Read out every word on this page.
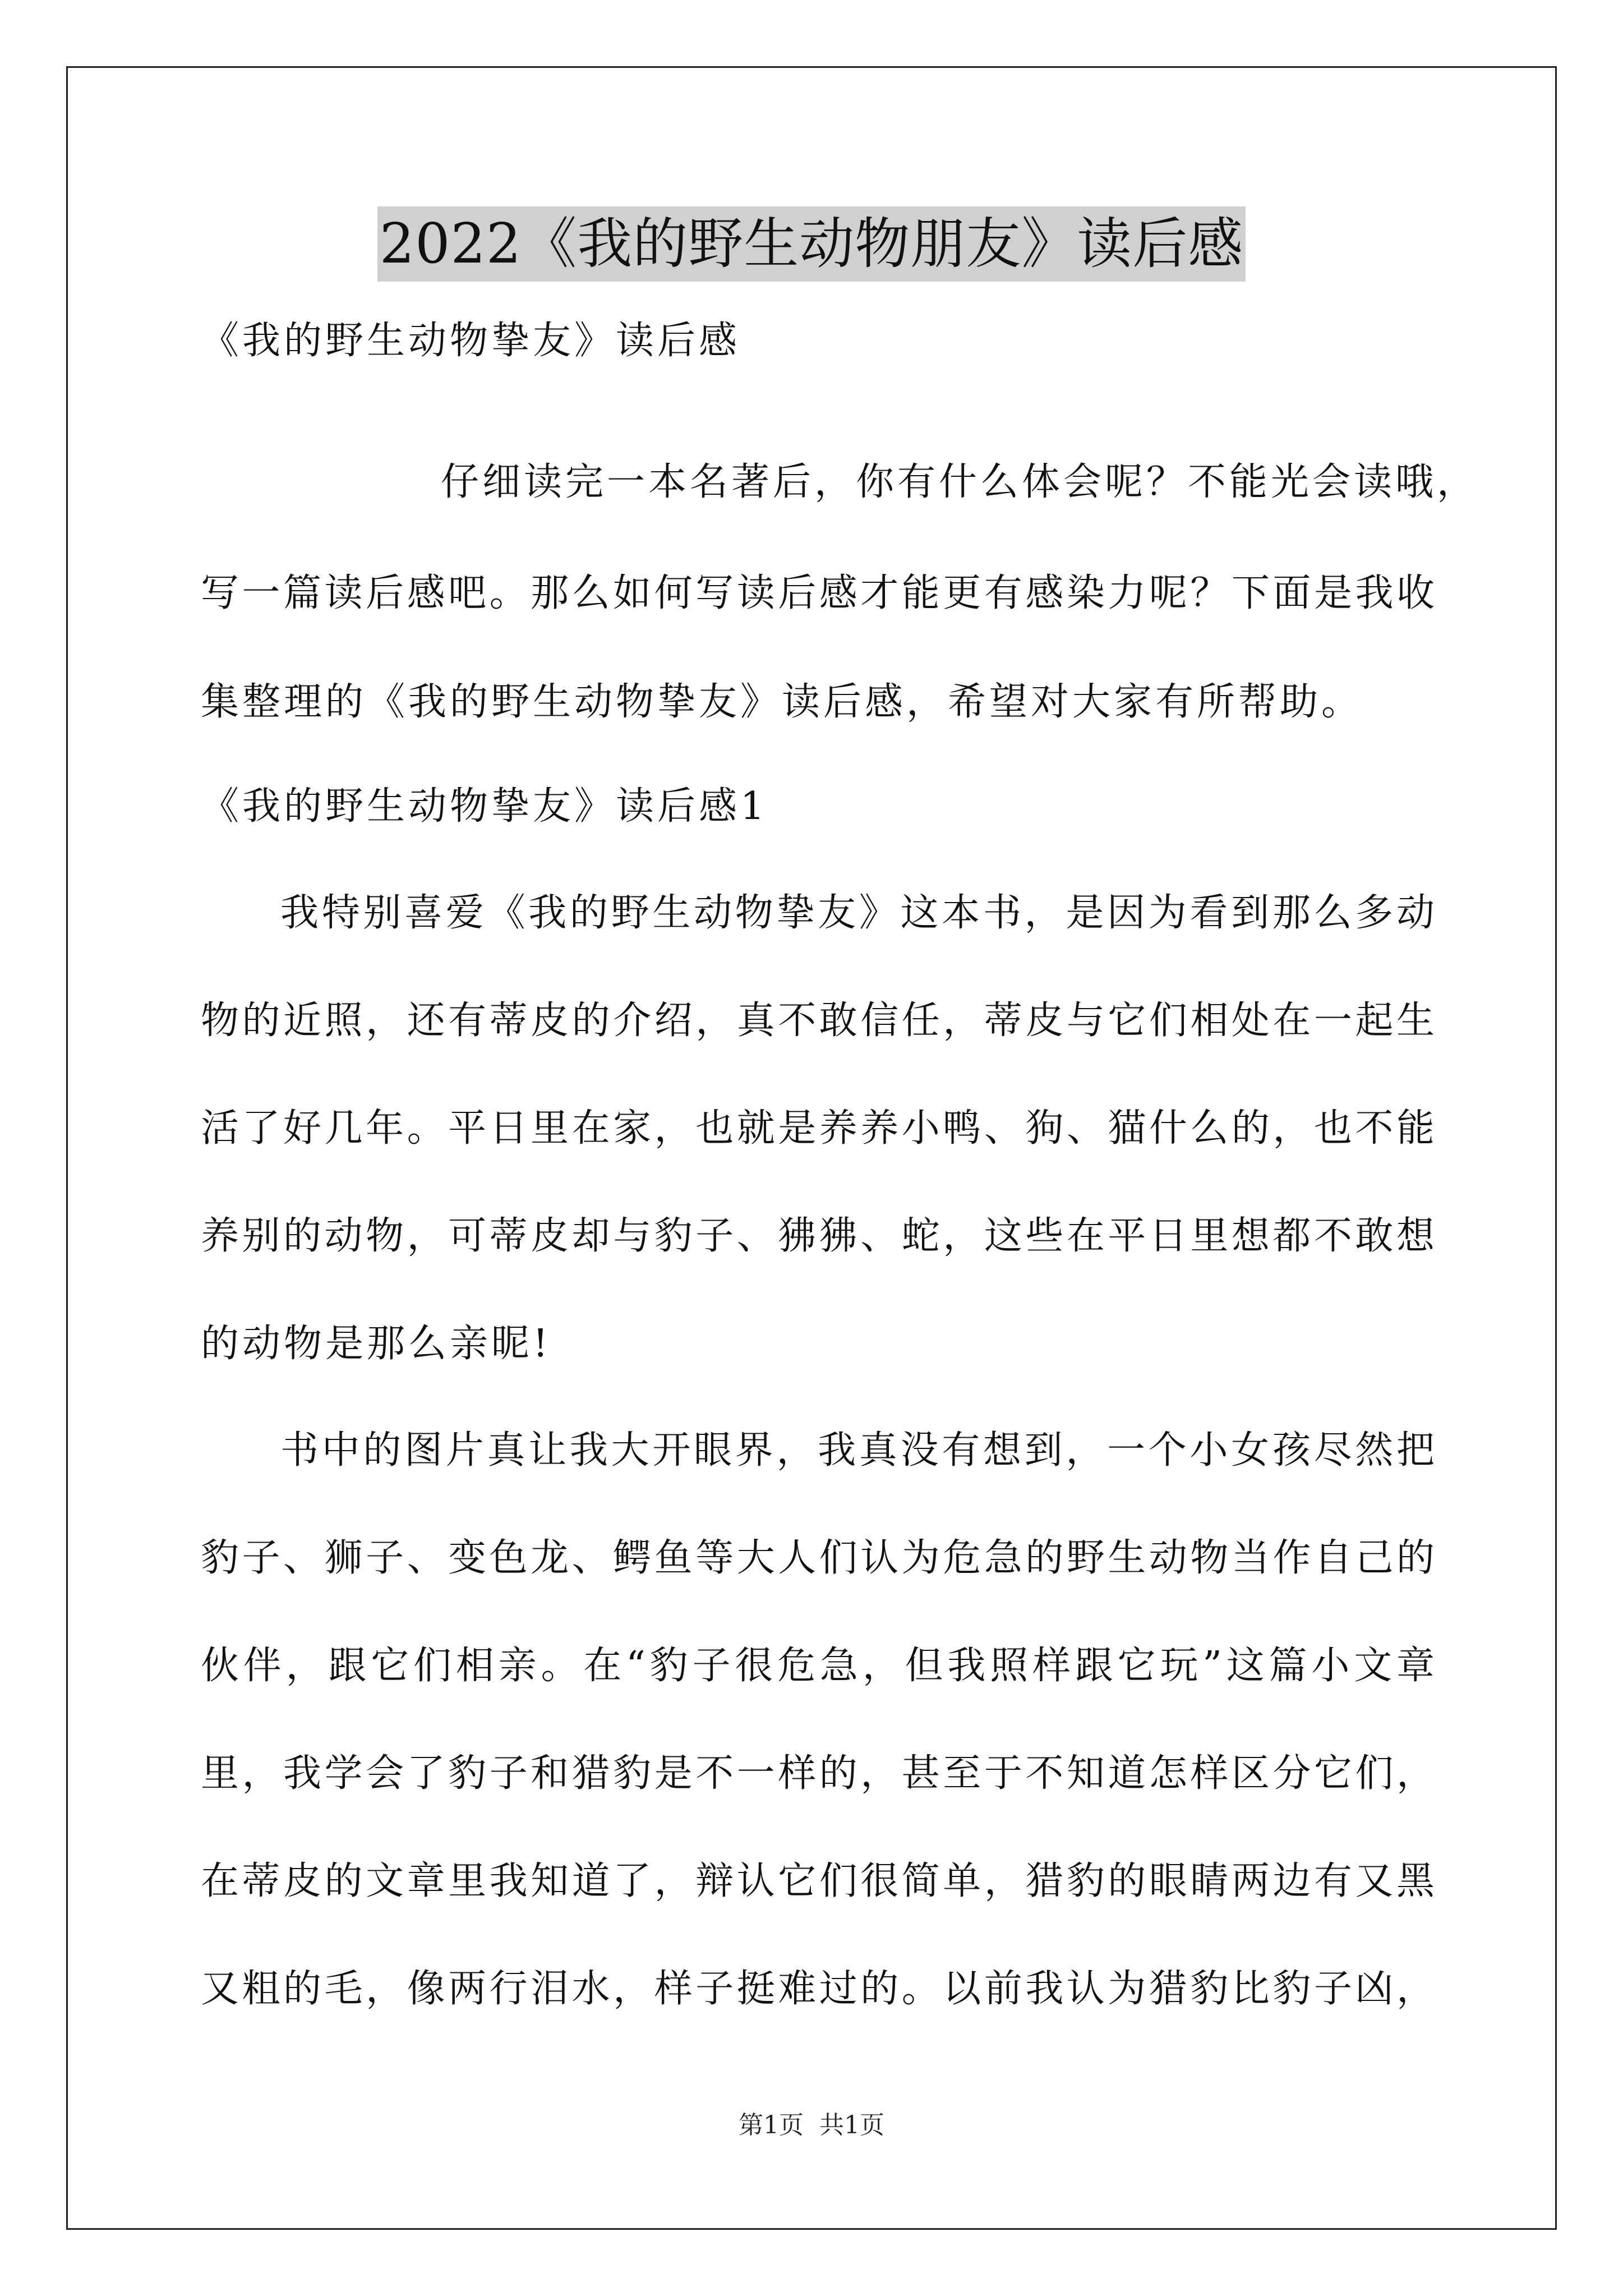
2022《我的野生动物朋友》读后感
《我的野生动物挚友》读后感
仔细读完一本名著后，你有什么体会呢？不能光会读哦，
写一篇读后感吧。那么如何写读后感才能更有感染力呢？下面是我收
集整理的《我的野生动物挚友》读后感，希望对大家有所帮助。
《我的野生动物挚友》读后感1
我特别喜爱《我的野生动物挚友》这本书，是因为看到那么多动
物的近照，还有蒂皮的介绍，真不敢信任，蒂皮与它们相处在一起生
活了好几年。平日里在家，也就是养养小鸭、狗、猫什么的，也不能
养别的动物，可蒂皮却与豹子、狒狒、蛇，这些在平日里想都不敢想
的动物是那么亲昵!
书中的图片真让我大开眼界，我真没有想到，一个小女孩尽然把
豹子、狮子、变色龙、鳄鱼等大人们认为危急的野生动物当作自己的
伙伴，跟它们相亲。在“豹子很危急，但我照样跟它玩”这篇小文章
里，我学会了豹子和猎豹是不一样的，甚至于不知道怎样区分它们，
在蒂皮的文章里我知道了，辩认它们很简单，猎豹的眼睛两边有又黑
又粗的毛，像两行泪水，样子挺难过的。以前我认为猎豹比豹子凶，
第1页 共1页
